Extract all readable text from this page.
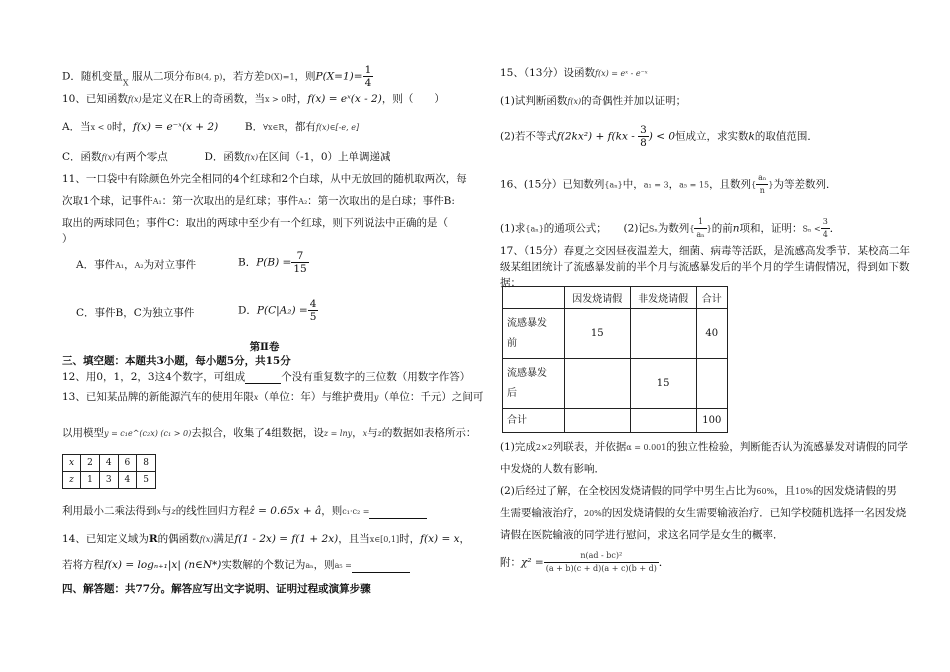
D．随机变量$_X$ 服从二项分布B(4, p)，若方差D(X)=1，则$P(X=1)= \frac{1}{4}$
10、已知函数f(x)是定义在R上的奇函数，当x > 0时，f(x) = eˣ(x - 2)，则（　　）
A．当x < 0时，f(x) = e⁻ˣ(x + 2)	B．∀x∈R，都有f(x)∈[-e, e]
C．函数f(x)有两个零点	D．函数f(x)在区间（-1，0）上单调递减
11、一口袋中有除颜色外完全相同的4个红球和2个白球，从中无放回的随机取两次，每
次取1个球，记事件A₁：第一次取出的是红球；事件A₂：第一次取出的是白球；事件B:
取出的两球同色；事件C：取出的两球中至少有一个红球，则下列说法中正确的是（
）
A．事件A₁，A₂为对立事件	B．$P(B) = \frac{7}{15}$
C．事件B，C为独立事件	D．$P(C|A_2) = \frac{4}{5}$
第Ⅱ卷
三、填空题：本题共3小题，每小题5分，共15分
12、用0，1，2，3这4个数字，可组成	个没有重复数字的三位数（用数字作答）
13、已知某品牌的新能源汽车的使用年限x（单位：年）与维护费用y（单位：千元）之间可
以用模型y = c₁e^(c₂x) (c₁ > 0)去拟合，收集了4组数据，设z = lny，x与z的数据如表格所示：
x	2	4	6	8
z	1	3	4	5
利用最小二乘法得到x与z的线性回归方程ẑ = 0.65x + â，则c₁·c₂ =
14、已知定义域为R的偶函数f(x)满足f(1 - 2x) = f(1 + 2x)，且当x∈[0,1]时，f(x) = x，
若将方程f(x) = logₙ₊₁|x| (n∈N*)实数解的个数记为aₙ，则a₅ =
四、解答题：共77分。解答应写出文字说明、证明过程或演算步骤
15、（13分）设函数f(x) = eˣ - e⁻ˣ
(1)试判断函数f(x)的奇偶性并加以证明；
(2)若不等式$f(2kx^2) + f(kx - \frac{3}{8}$ ) < 0恒成立，求实数k的取值范围．
16、(15分）已知数列{aₙ}中，a₁ = 3，a₅ = 15，且数列{ $\frac{\text{aₙ}}{n}$ }为等差数列．
(1)求{aₙ}的通项公式； (2)记Sₙ为数列{ $\frac{1}{\text{aₙ}}$ }的前n项和，证明：$S_n < \frac{3}{4}$ ．
17、（15分）春夏之交因昼夜温差大，细菌、病毒等活跃，是流感高发季节．某校高二年
级某组团统计了流感暴发前的半个月与流感暴发后的半个月的学生请假情况，得到如下数
据：
	因发烧请假	非发烧请假	合计
流感暴发
前	15		40
流感暴发
后		15	
合计			100
(1)完成2×2列联表，并依据α = 0.001的独立性检验，判断能否认为流感暴发对请假的同学
中发烧的人数有影响．
(2)后经过了解，在全校因发烧请假的同学中男生占比为60%，且10%的因发烧请假的男
生需要输液治疗，20%的因发烧请假的女生需要输液治疗．已知学校随机选择一名因发烧
请假在医院输液的同学进行慰问，求这名同学是女生的概率．
附：$\chi^2 = \frac{\text{n(ad - bc)²}}{(a + b)(c + d)(a + c)(b + d)}$ ．
